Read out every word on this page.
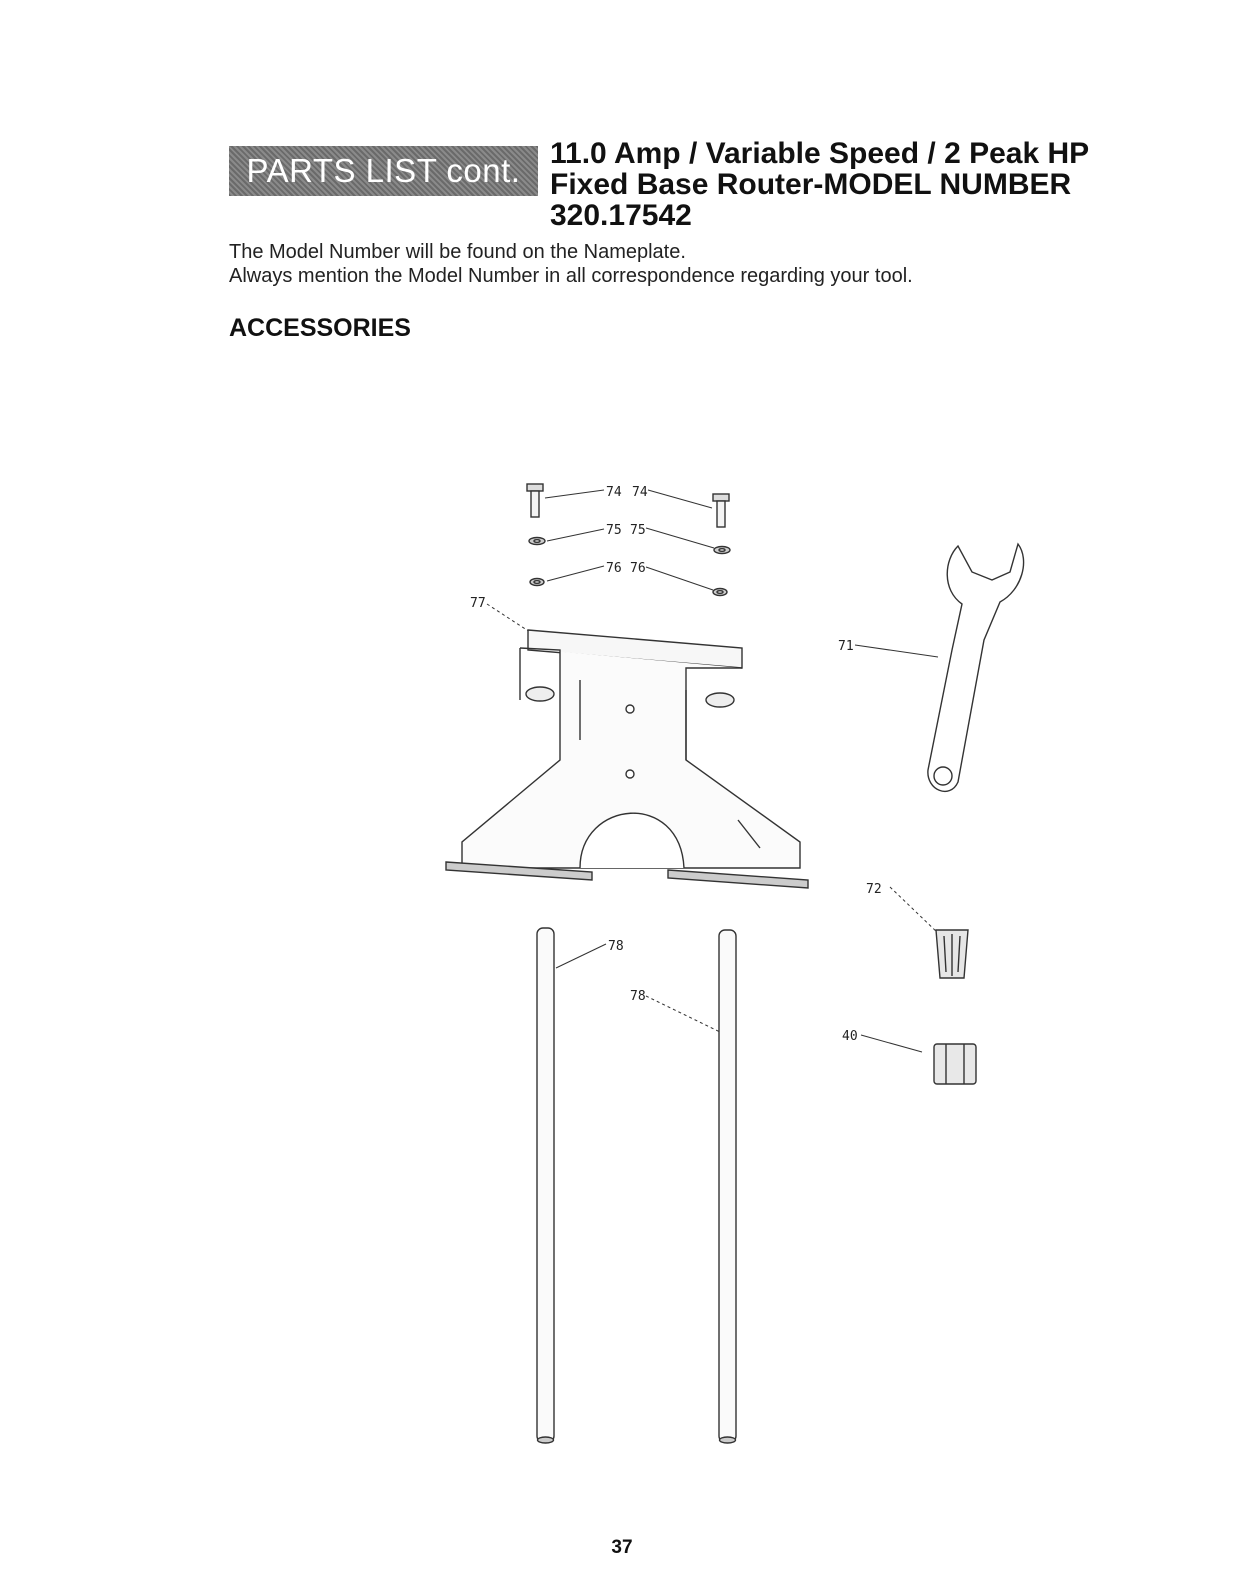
PARTS LIST cont. 11.0 Amp / Variable Speed / 2 Peak HP
Fixed Base Router-MODEL NUMBER
320.17542
The Model Number will be found on the Nameplate.
Always mention the Model Number in all correspondence regarding your tool.
ACCESSORIES
74 74
75 75
76 76
77
71
72
40
78
78
37
